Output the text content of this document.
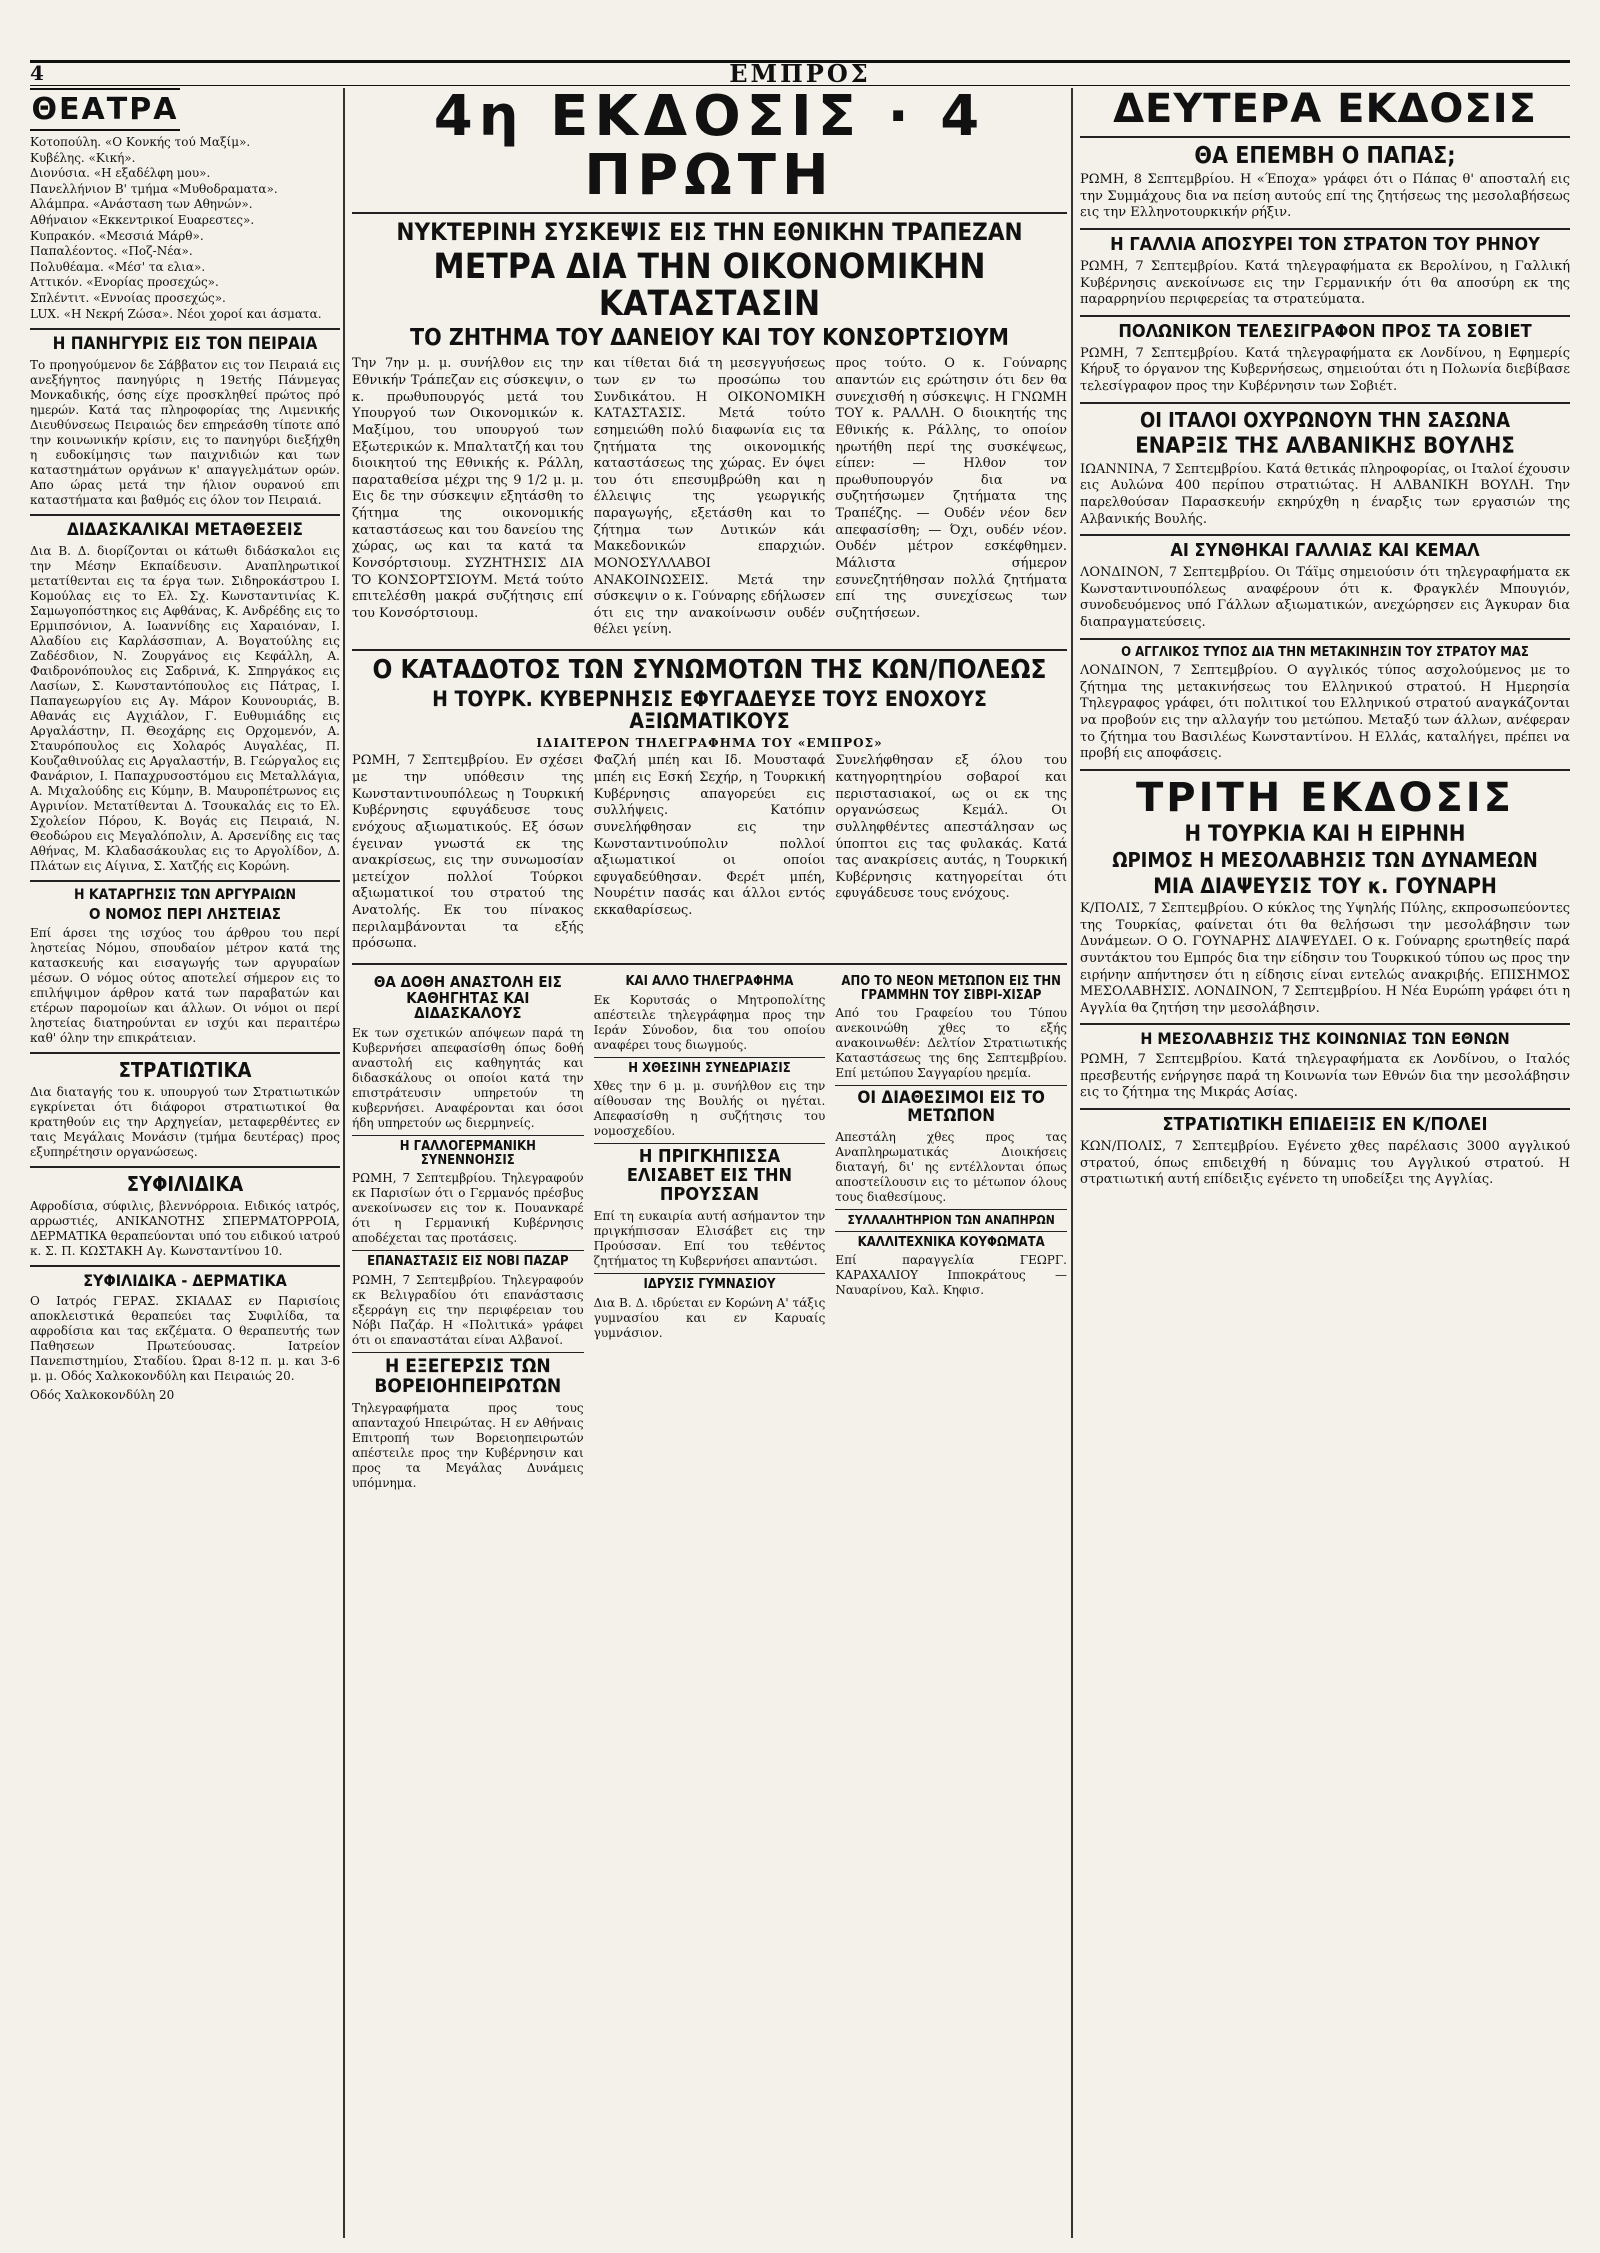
4	ΕΜΠΡΟΣ
ΘΕΑΤΡΑ
Κοτοπούλη. «Ο Κονκής τού Μαξίμ».
Κυβέλης. «Κική».
Διονύσια. «Η εξαδέλφη μου».
Πανελλήνιον Β' τμήμα «Μυθοδραματα».
Αλάμπρα. «Ανάσταση των Αθηνών».
Αθήναιον «Εκκεντρικοί Ευαρεστες».
Κυπρακόν. «Μεσσιά Μάρθ».
Παπαλέοντος. «Ποζ-Νέα».
Πολυθέαμα. «Μέσ' τα ελια».
Αττικόν. «Ενορίας προσεχώς».
Σπλέντιτ. «Εννοίας προσεχώς».
LUX. «Η Νεκρή Ζώσα». Νέοι χοροί και άσματα.
Η ΠΑΝΗΓΥΡΙΣ ΕΙΣ ΤΟΝ ΠΕΙΡΑΙΑ

Το προηγούμενον δε Σάββατον εις τον Πειραιά εις ανεξήγητος πανηγύρις η 19ετής Πάνμεγας Μονκαδικής, όσης είχε προσκληθεί πρώτος πρό ημερών. Κατά τας πληροφορίας της Λιμενικής Διευθύνσεως Πειραιώς δεν επηρεάσθη τίποτε από την κοινωνικήν κρίσιν, εις το πανηγύρι διεξήχθη η ευδοκίμησις των παιχνιδιών και των καταστημάτων οργάνων κ' απαγγελμάτων ορών. Απο ώρας μετά την ήλιον ουρανού επι καταστήματα και βαθμός εις όλον τον Πειραιά.

ΔΙΔΑΣΚΑΛΙΚΑΙ ΜΕΤΑΘΕΣΕΙΣ

Δια Β. Δ. διορίζονται οι κάτωθι διδάσκαλοι εις την Μέσην Εκπαίδευσιν. Αναπληρωτικοί μετατίθενται εις τα έργα των. Σιδηροκάστρου Ι. Κομούλας εις το Ελ. Σχ. Κωνσταντινίας Κ. Σαμωγοπόστηκος εις Αφθάνας, Κ. Ανδρέδης εις το Ερμιπσόνιον, Α. Ιωαννίδης εις Χαραιόναν, Ι. Αλαδίου εις Καρλάσσπιαν, Α. Βογατούλης εις Ζαδέσδιον, Ν. Ζουργάνος εις Κεφάλλη, Α. Φαιδρονόπουλος εις Σαδρινά, Κ. Σπηργάκος εις Λασίων, Σ. Κωνσταντόπουλος εις Πάτρας, Ι. Παπαγεωργίου εις Αγ. Μάρον Κουνουριάς, Β. Αθανάς εις Αγχιάλον, Γ. Ευθυμιάδης εις Αργαλάστην, Π. Θεοχάρης εις Ορχομενόν, Α. Σταυρόπουλος εις Χολαρός Αυγαλέας, Π. Κουζαθινούλας εις Αργαλαστήν, Β. Γεώργαλος εις Φανάριον, Ι. Παπαχρυσοστόμου εις Μεταλλάγια, Α. Μιχαλούδης εις Κύμην, Β. Μαυροπέτρωνος εις Αγρινίον. Μετατίθενται Δ. Τσουκαλάς εις το Ελ. Σχολείον Πόρου, Κ. Βογάς εις Πειραιά, Ν. Θεοδώρου εις Μεγαλόπολιν, Α. Αρσενίδης εις τας Αθήνας, Μ. Κλαδασάκουλας εις το Αργολίδον, Δ. Πλάτων εις Αίγινα, Σ. Χατζής εις Κορώνη.

Η ΚΑΤΑΡΓΗΣΙΣ ΤΩΝ ΑΡΓΥΡΑΙΩΝ
Ο ΝΟΜΟΣ ΠΕΡΙ ΛΗΣΤΕΙΑΣ

Επί άρσει της ισχύος του άρθρου του περί ληστείας Νόμου, σπουδαίον μέτρον κατά της κατασκευής και εισαγωγής των αργυραίων μέσων. Ο νόμος ούτος αποτελεί σήμερον εις το επιλήψιμον άρθρον κατά των παραβατών και ετέρων παρομοίων και άλλων. Οι νόμοι οι περί ληστείας διατηρούνται εν ισχύι και περαιτέρω καθ' όλην την επικράτειαν.

ΣΤΡΑΤΙΩΤΙΚΑ

Δια διαταγής του κ. υπουργού των Στρατιωτικών εγκρίνεται ότι διάφοροι στρατιωτικοί θα κρατηθούν εις την Αρχηγείαν, μεταφερθέντες εν ταις Μεγάλαις Μονάσιν (τμήμα δευτέρας) προς εξυπηρέτησιν οργανώσεως.

ΣΥΦΙΛΙΔΙΚΑ

Αφροδίσια, σύφιλις, βλεννόρροια. Ειδικός ιατρός, αρρωστιές, ΑΝΙΚΑΝΟΤΗΣ ΣΠΕΡΜΑΤΟΡΡΟΙΑ, ΔΕΡΜΑΤΙΚΑ θεραπεύονται υπό του ειδικού ιατρού κ. Σ. Π. ΚΩΣΤΑΚΗ Αγ. Κωνσταντίνου 10.

ΣΥΦΙΛΙΔΙΚΑ - ΔΕΡΜΑΤΙΚΑ

Ο Ιατρός ΓΕΡΑΣ. ΣΚΙΑΔΑΣ εν Παρισίοις αποκλειστικά θεραπεύει τας Συφιλίδα, τα αφροδίσια και τας εκζέματα. Ο θεραπευτής των Παθησεων Πρωτεύουσας. Ιατρείον Πανεπιστημίου, Σταδίου. Ώραι 8-12 π. μ. και 3-6 μ. μ. Οδός Χαλκοκονδύλη και Πειραιώς 20.

Οδός Χαλκοκονδύλη 20

4η ΕΚΔΟΣΙΣ · 4 ΠΡΩΤΗ
ΝΥΚΤΕΡΙΝΗ ΣΥΣΚΕΨΙΣ ΕΙΣ ΤΗΝ ΕΘΝΙΚΗΝ ΤΡΑΠΕΖΑΝ
ΜΕΤΡΑ ΔΙΑ ΤΗΝ ΟΙΚΟΝΟΜΙΚΗΝ ΚΑΤΑΣΤΑΣΙΝ
ΤΟ ΖΗΤΗΜΑ ΤΟΥ ΔΑΝΕΙΟΥ ΚΑΙ ΤΟΥ ΚΟΝΣΟΡΤΣΙΟΥΜ

Την 7ην μ. μ. συνήλθον εις την Εθνικήν Τράπεζαν εις σύσκεψιν, ο κ. πρωθυπουργός μετά του Υπουργού των Οικονομικών κ. Μαξίμου, του υπουργού των Εξωτερικών κ. Μπαλτατζή και του διοικητού της Εθνικής κ. Ράλλη, παραταθείσα μέχρι της 9 1/2 μ. μ. Εις δε την σύσκεψιν εξητάσθη το ζήτημα της οικονομικής καταστάσεως και του δανείου της χώρας, ως και τα κατά τα Κονσόρτσιουμ. ΣΥΖΗΤΗΣΙΣ ΔΙΑ ΤΟ ΚΟΝΣΟΡΤΣΙΟΥΜ. Μετά τούτο επιτελέσθη μακρά συζήτησις επί του Κονσόρτσιουμ.

και τίθεται διά τη μεσεγγυήσεως των εν τω προσώπω του Συνδικάτου. Η ΟΙΚΟΝΟΜΙΚΗ ΚΑΤΑΣΤΑΣΙΣ. Μετά τούτο εσημειώθη πολύ διαφωνία εις τα ζητήματα της οικονομικής καταστάσεως της χώρας. Εν όψει του ότι επεσυμβρώθη και η έλλειψις της γεωργικής παραγωγής, εξετάσθη και το ζήτημα των Δυτικών κάι Μακεδονικών επαρχιών. ΜΟΝΟΣΥΛΛΑΒΟΙ ΑΝΑΚΟΙΝΩΣΕΙΣ. Μετά την σύσκεψιν ο κ. Γούναρης εδήλωσεν ότι εις την ανακοίνωσιν ουδέν θέλει γείνη.

προς τούτο. Ο κ. Γούναρης απαντών εις ερώτησιν ότι δεν θα συνεχισθή η σύσκεψις. Η ΓΝΩΜΗ ΤΟΥ κ. ΡΑΛΛΗ. Ο διοικητής της Εθνικής κ. Ράλλης, το οποίον ηρωτήθη περί της συσκέψεως, είπεν: — Ηλθον τον πρωθυπουργόν δια να συζητήσωμεν ζητήματα της Τραπέζης. — Ουδέν νέον δεν απεφασίσθη; — Όχι, ουδέν νέον. Ουδέν μέτρον εσκέφθημεν. Μάλιστα σήμερον εσυνεζητήθησαν πολλά ζητήματα επί της συνεχίσεως των συζητήσεων.

Ο ΚΑΤΑΔΟΤΟΣ ΤΩΝ ΣΥΝΩΜΟΤΩΝ ΤΗΣ ΚΩΝ/ΠΟΛΕΩΣ
Η ΤΟΥΡΚ. ΚΥΒΕΡΝΗΣΙΣ ΕΦΥΓΑΔΕΥΣΕ ΤΟΥΣ ΕΝΟΧΟΥΣ ΑΞΙΩΜΑΤΙΚΟΥΣ
ΙΔΙΑΙΤΕΡΟΝ ΤΗΛΕΓΡΑΦΗΜΑ ΤΟΥ «ΕΜΠΡΟΣ»

ΡΩΜΗ, 7 Σεπτεμβρίου. Εν σχέσει με την υπόθεσιν της Κωνσταντινουπόλεως η Τουρκική Κυβέρνησις εφυγάδευσε τους ενόχους αξιωματικούς. Εξ όσων έγειναν γνωστά εκ της ανακρίσεως, εις την συνωμοσίαν μετείχον πολλοί Τούρκοι αξιωματικοί του στρατού της Ανατολής. Εκ του πίνακος περιλαμβάνονται τα εξής πρόσωπα.

Φαζλή μπέη και Ιδ. Μουσταφά μπέη εις Εσκή Σεχήρ, η Τουρκική Κυβέρνησις απαγορεύει εις συλλήψεις. Κατόπιν συνελήφθησαν εις την Κωνσταντινούπολιν πολλοί αξιωματικοί οι οποίοι εφυγαδεύθησαν. Φερέτ μπέη, Νουρέτιν πασάς και άλλοι εντός εκκαθαρίσεως.

Συνελήφθησαν εξ όλου του κατηγορητηρίου σοβαροί και περιστασιακοί, ως οι εκ της οργανώσεως Κεμάλ. Οι συλληφθέντες απεστάλησαν ως ύποπτοι εις τας φυλακάς. Κατά τας ανακρίσεις αυτάς, η Τουρκική Κυβέρνησις κατηγορείται ότι εφυγάδευσε τους ενόχους.

ΘΑ ΔΟΘΗ ΑΝΑΣΤΟΛΗ ΕΙΣ ΚΑΘΗΓΗΤΑΣ ΚΑΙ ΔΙΔΑΣΚΑΛΟΥΣ

Εκ των σχετικών απόψεων παρά τη Κυβερνήσει απεφασίσθη όπως δοθή αναστολή εις καθηγητάς και διδασκάλους οι οποίοι κατά την επιστράτευσιν υπηρετούν τη κυβερνήσει. Αναφέρονται και όσοι ήδη υπηρετούν ως διερμηνείς.

Η ΓΑΛΛΟΓΕΡΜΑΝΙΚΗ ΣΥΝΕΝΝΟΗΣΙΣ

ΡΩΜΗ, 7 Σεπτεμβρίου. Τηλεγραφούν εκ Παρισίων ότι ο Γερμανός πρέσβυς ανεκοίνωσεν εις τον κ. Πουανκαρέ ότι η Γερμανική Κυβέρνησις αποδέχεται τας προτάσεις.

ΕΠΑΝΑΣΤΑΣΙΣ ΕΙΣ ΝΟΒΙ ΠΑΖΑΡ

ΡΩΜΗ, 7 Σεπτεμβρίου. Τηλεγραφούν εκ Βελιγραδίου ότι επανάστασις εξερράγη εις την περιφέρειαν του Νόβι Παζάρ. Η «Πολιτικά» γράφει ότι οι επαναστάται είναι Αλβανοί.

Η ΕΞΕΓΕΡΣΙΣ ΤΩΝ ΒΟΡΕΙΟΗΠΕΙΡΩΤΩΝ

Τηλεγραφήματα προς τους απανταχού Ηπειρώτας. Η εν Αθήναις Επιτροπή των Βορειοηπειρωτών απέστειλε προς την Κυβέρνησιν και προς τα Μεγάλας Δυνάμεις υπόμνημα.

ΚΑΙ ΑΛΛΟ ΤΗΛΕΓΡΑΦΗΜΑ

Εκ Κορυτσάς ο Μητροπολίτης απέστειλε τηλεγράφημα προς την Ιεράν Σύνοδον, δια του οποίου αναφέρει τους διωγμούς.

Η ΧΘΕΣΙΝΗ ΣΥΝΕΔΡΙΑΣΙΣ

Χθες την 6 μ. μ. συνήλθον εις την αίθουσαν της Βουλής οι ηγέται. Απεφασίσθη η συζήτησις του νομοσχεδίου.

Η ΠΡΙΓΚΗΠΙΣΣΑ ΕΛΙΣΑΒΕΤ ΕΙΣ ΤΗΝ ΠΡΟΥΣΣΑΝ

Επί τη ευκαιρία αυτή ασήμαντον την πριγκήπισσαν Ελισάβετ εις την Προύσσαν. Επί του τεθέντος ζητήματος τη Κυβερνήσει απαντώσι.

ΙΔΡΥΣΙΣ ΓΥΜΝΑΣΙΟΥ

Δια Β. Δ. ιδρύεται εν Κορώνη Α' τάξις γυμνασίου και εν Καρυαίς γυμνάσιον.

ΑΠΟ ΤΟ ΝΕΟΝ ΜΕΤΩΠΟΝ ΕΙΣ ΤΗΝ ΓΡΑΜΜΗΝ ΤΟΥ ΣΙΒΡΙ-ΧΙΣΑΡ

Από του Γραφείου του Τύπου ανεκοινώθη χθες το εξής ανακοινωθέν: Δελτίον Στρατιωτικής Καταστάσεως της 6ης Σεπτεμβρίου. Επί μετώπου Σαγγαρίου ηρεμία.

ΟΙ ΔΙΑΘΕΣΙΜΟΙ ΕΙΣ ΤΟ ΜΕΤΩΠΟΝ

Απεστάλη χθες προς τας Αναπληρωματικάς Διοικήσεις διαταγή, δι' ης εντέλλονται όπως αποστείλουσιν εις το μέτωπον όλους τους διαθεσίμους.

ΣΥΛΛΑΛΗΤΗΡΙΟΝ ΤΩΝ ΑΝΑΠΗΡΩΝ
ΚΑΛΛΙΤΕΧΝΙΚΑ ΚΟΥΦΩΜΑΤΑ

Επί παραγγελία ΓΕΩΡΓ. ΚΑΡΑΧΑΛΙΟΥ Ιπποκράτους — Ναυαρίνου, Καλ. Κηφισ.

ΔΕΥΤΕΡΑ ΕΚΔΟΣΙΣ
ΘΑ ΕΠΕΜΒΗ Ο ΠΑΠΑΣ;

ΡΩΜΗ, 8 Σεπτεμβρίου. Η «Έποχα» γράφει ότι ο Πάπας θ' αποσταλή εις την Συμμάχους δια να πείση αυτούς επί της ζητήσεως της μεσολαβήσεως εις την Ελληνοτουρκικήν ρήξιν.

Η ΓΑΛΛΙΑ ΑΠΟΣΥΡΕΙ ΤΟΝ ΣΤΡΑΤΟΝ ΤΟΥ ΡΗΝΟΥ

ΡΩΜΗ, 7 Σεπτεμβρίου. Κατά τηλεγραφήματα εκ Βερολίνου, η Γαλλική Κυβέρνησις ανεκοίνωσε εις την Γερμανικήν ότι θα αποσύρη εκ της παραρρηνίου περιφερείας τα στρατεύματα.

ΠΟΛΩΝΙΚΟΝ ΤΕΛΕΣΙΓΡΑΦΟΝ ΠΡΟΣ ΤΑ ΣΟΒΙΕΤ

ΡΩΜΗ, 7 Σεπτεμβρίου. Κατά τηλεγραφήματα εκ Λονδίνου, η Εφημερίς Κήρυξ το όργανον της Κυβερνήσεως, σημειούται ότι η Πολωνία διεβίβασε τελεσίγραφον προς την Κυβέρνησιν των Σοβιέτ.

ΟΙ ΙΤΑΛΟΙ ΟΧΥΡΩΝΟΥΝ ΤΗΝ ΣΑΣΩΝΑ
ΕΝΑΡΞΙΣ ΤΗΣ ΑΛΒΑΝΙΚΗΣ ΒΟΥΛΗΣ

ΙΩΑΝΝΙΝΑ, 7 Σεπτεμβρίου. Κατά θετικάς πληροφορίας, οι Ιταλοί έχουσιν εις Αυλώνα 400 περίπου στρατιώτας. Η ΑΛΒΑΝΙΚΗ ΒΟΥΛΗ. Την παρελθούσαν Παρασκευήν εκηρύχθη η έναρξις των εργασιών της Αλβανικής Βουλής.

ΑΙ ΣΥΝΘΗΚΑΙ ΓΑΛΛΙΑΣ ΚΑΙ ΚΕΜΑΛ

ΛΟΝΔΙΝΟΝ, 7 Σεπτεμβρίου. Οι Τάϊμς σημειούσιν ότι τηλεγραφήματα εκ Κωνσταντινουπόλεως αναφέρουν ότι κ. Φραγκλέν Μπουγιόν, συνοδευόμενος υπό Γάλλων αξιωματικών, ανεχώρησεν εις Άγκυραν δια διαπραγματεύσεις.

Ο ΑΓΓΛΙΚΟΣ ΤΥΠΟΣ ΔΙΑ ΤΗΝ ΜΕΤΑΚΙΝΗΣΙΝ ΤΟΥ ΣΤΡΑΤΟΥ ΜΑΣ

ΛΟΝΔΙΝΟΝ, 7 Σεπτεμβρίου. Ο αγγλικός τύπος ασχολούμενος με το ζήτημα της μετακινήσεως του Ελληνικού στρατού. Η Ημερησία Τηλεγραφος γράφει, ότι πολιτικοί του Ελληνικού στρατού αναγκάζονται να προβούν εις την αλλαγήν του μετώπου. Μεταξύ των άλλων, ανέφεραν το ζήτημα του Βασιλέως Κωνσταντίνου. Η Ελλάς, καταλήγει, πρέπει να προβή εις αποφάσεις.

ΤΡΙΤΗ ΕΚΔΟΣΙΣ
Η ΤΟΥΡΚΙΑ ΚΑΙ Η ΕΙΡΗΝΗ
ΩΡΙΜΟΣ Η ΜΕΣΟΛΑΒΗΣΙΣ ΤΩΝ ΔΥΝΑΜΕΩΝ
ΜΙΑ ΔΙΑΨΕΥΣΙΣ ΤΟΥ κ. ΓΟΥΝΑΡΗ

Κ/ΠΟΛΙΣ, 7 Σεπτεμβρίου. Ο κύκλος της Υψηλής Πύλης, εκπροσωπεύοντες της Τουρκίας, φαίνεται ότι θα θελήσωσι την μεσολάβησιν των Δυνάμεων. Ο Ο. ΓΟΥΝΑΡΗΣ ΔΙΑΨΕΥΔΕΙ. Ο κ. Γούναρης ερωτηθείς παρά συντάκτου του Εμπρός δια την είδησιν του Τουρκικού τύπου ως προς την ειρήνην απήντησεν ότι η είδησις είναι εντελώς ανακριβής. ΕΠΙΣΗΜΟΣ ΜΕΣΟΛΑΒΗΣΙΣ. ΛΟΝΔΙΝΟΝ, 7 Σεπτεμβρίου. Η Νέα Ευρώπη γράφει ότι η Αγγλία θα ζητήση την μεσολάβησιν.

Η ΜΕΣΟΛΑΒΗΣΙΣ ΤΗΣ ΚΟΙΝΩΝΙΑΣ ΤΩΝ ΕΘΝΩΝ

ΡΩΜΗ, 7 Σεπτεμβρίου. Κατά τηλεγραφήματα εκ Λονδίνου, ο Ιταλός πρεσβευτής ενήργησε παρά τη Κοινωνία των Εθνών δια την μεσολάβησιν εις το ζήτημα της Μικράς Ασίας.

ΣΤΡΑΤΙΩΤΙΚΗ ΕΠΙΔΕΙΞΙΣ ΕΝ Κ/ΠΟΛΕΙ

ΚΩΝ/ΠΟΛΙΣ, 7 Σεπτεμβρίου. Εγένετο χθες παρέλασις 3000 αγγλικού στρατού, όπως επιδειχθή η δύναμις του Αγγλικού στρατού. Η στρατιωτική αυτή επίδειξις εγένετο τη υποδείξει της Αγγλίας.
